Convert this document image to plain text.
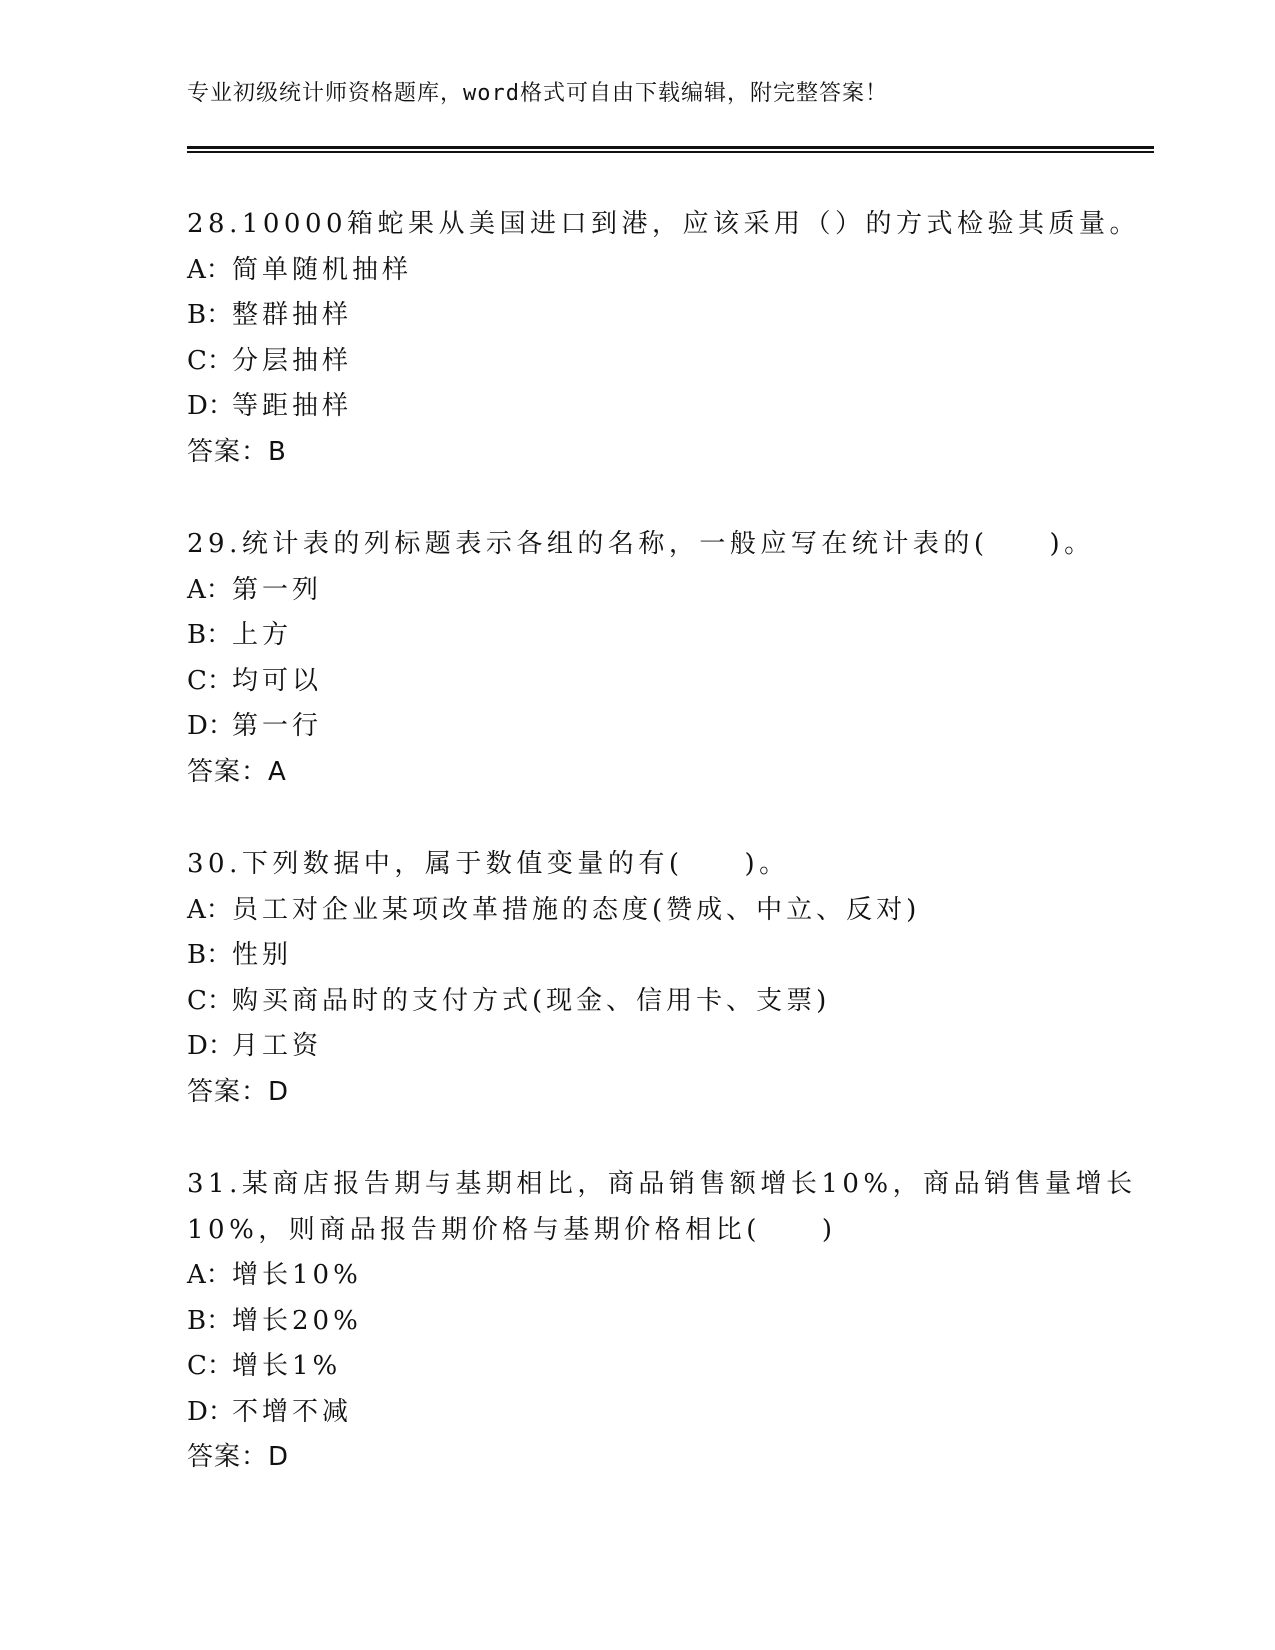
专业初级统计师资格题库，word格式可自由下载编辑，附完整答案！
28.10000箱蛇果从美国进口到港，应该采用（）的方式检验其质量。
A：简单随机抽样
B：整群抽样
C：分层抽样
D：等距抽样
答案：B
29.统计表的列标题表示各组的名称，一般应写在统计表的(　　)。
A：第一列
B：上方
C：均可以
D：第一行
答案：A
30.下列数据中，属于数值变量的有(　　)。
A：员工对企业某项改革措施的态度(赞成、中立、反对)
B：性别
C：购买商品时的支付方式(现金、信用卡、支票)
D：月工资
答案：D
31.某商店报告期与基期相比，商品销售额增长10%，商品销售量增长
10%，则商品报告期价格与基期价格相比(　　)
A：增长10%
B：增长20%
C：增长1%
D：不增不减
答案：D
